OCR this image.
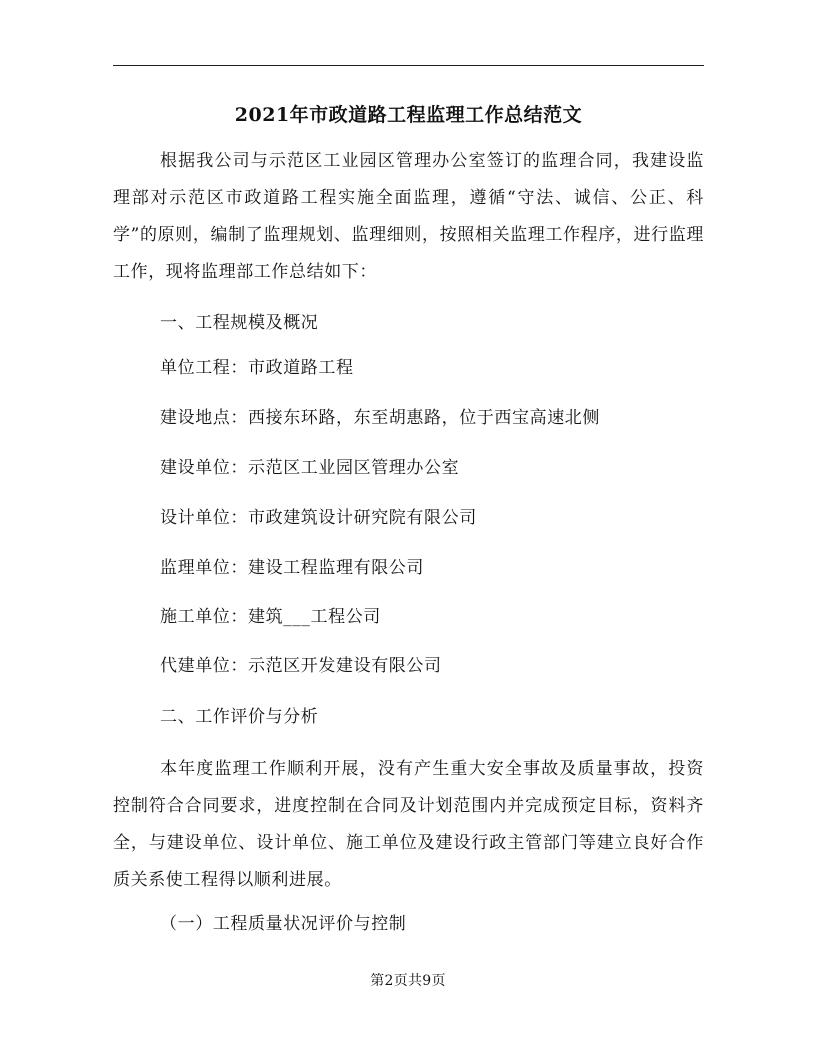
2021年市政道路工程监理工作总结范文

根据我公司与示范区工业园区管理办公室签订的监理合同，我建设监理部对示范区市政道路工程实施全面监理，遵循“守法、诚信、公正、科学”的原则，编制了监理规划、监理细则，按照相关监理工作程序，进行监理工作，现将监理部工作总结如下：

一、工程规模及概况

单位工程：市政道路工程

建设地点：西接东环路，东至胡惠路，位于西宝高速北侧

建设单位：示范区工业园区管理办公室

设计单位：市政建筑设计研究院有限公司

监理单位：建设工程监理有限公司

施工单位：建筑___工程公司

代建单位：示范区开发建设有限公司

二、工作评价与分析

本年度监理工作顺利开展，没有产生重大安全事故及质量事故，投资控制符合合同要求，进度控制在合同及计划范围内并完成预定目标，资料齐全，与建设单位、设计单位、施工单位及建设行政主管部门等建立良好合作质关系使工程得以顺利进展。

（一）工程质量状况评价与控制

第2页共9页
